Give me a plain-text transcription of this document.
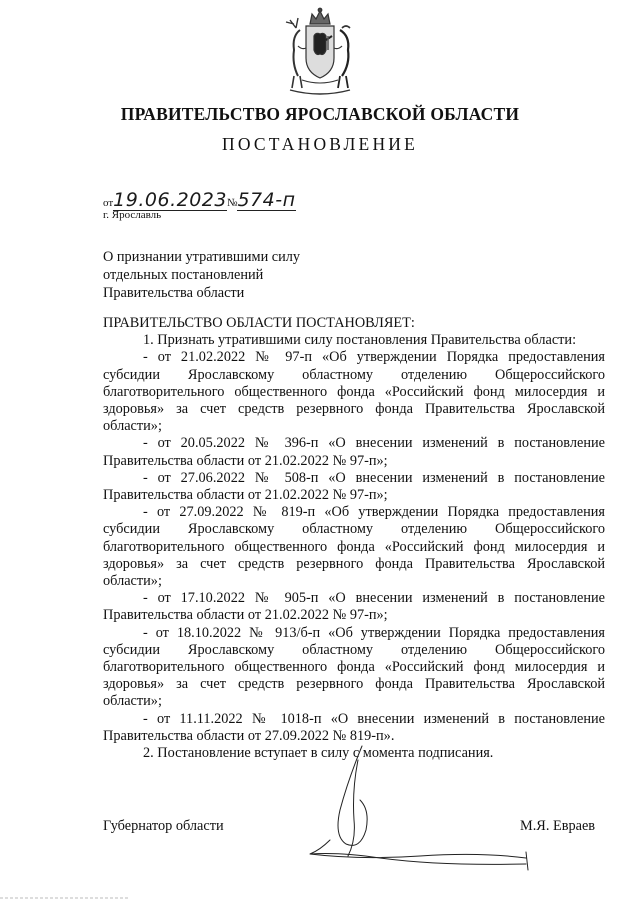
ПРАВИТЕЛЬСТВО ЯРОСЛАВСКОЙ ОБЛАСТИ
ПОСТАНОВЛЕНИЕ
от19.06.2023№574-п
г. Ярославль
О признании утратившими силу
отдельных постановлений
Правительства области

ПРАВИТЕЛЬСТВО ОБЛАСТИ ПОСТАНОВЛЯЕТ:

1. Признать утратившими силу постановления Правительства области:

- от 21.02.2022 № 97-п «Об утверждении Порядка предоставления субсидии Ярославскому областному отделению Общероссийского благотворительного общественного фонда «Российский фонд милосердия и здоровья» за счет средств резервного фонда Правительства Ярославской области»;

- от 20.05.2022 № 396-п «О внесении изменений в постановление Правительства области от 21.02.2022 № 97-п»;

- от 27.06.2022 № 508-п «О внесении изменений в постановление Правительства области от 21.02.2022 № 97-п»;

- от 27.09.2022 № 819-п «Об утверждении Порядка предоставления субсидии Ярославскому областному отделению Общероссийского благотворительного общественного фонда «Российский фонд милосердия и здоровья» за счет средств резервного фонда Правительства Ярославской области»;

- от 17.10.2022 № 905-п «О внесении изменений в постановление Правительства области от 21.02.2022 № 97-п»;

- от 18.10.2022 № 913/б-п «Об утверждении Порядка предоставления субсидии Ярославскому областному отделению Общероссийского благотворительного общественного фонда «Российский фонд милосердия и здоровья» за счет средств резервного фонда Правительства Ярославской области»;

- от 11.11.2022 № 1018-п «О внесении изменений в постановление Правительства области от 27.09.2022 № 819-п».

2. Постановление вступает в силу с момента подписания.

Губернатор области	М.Я. Евраев
